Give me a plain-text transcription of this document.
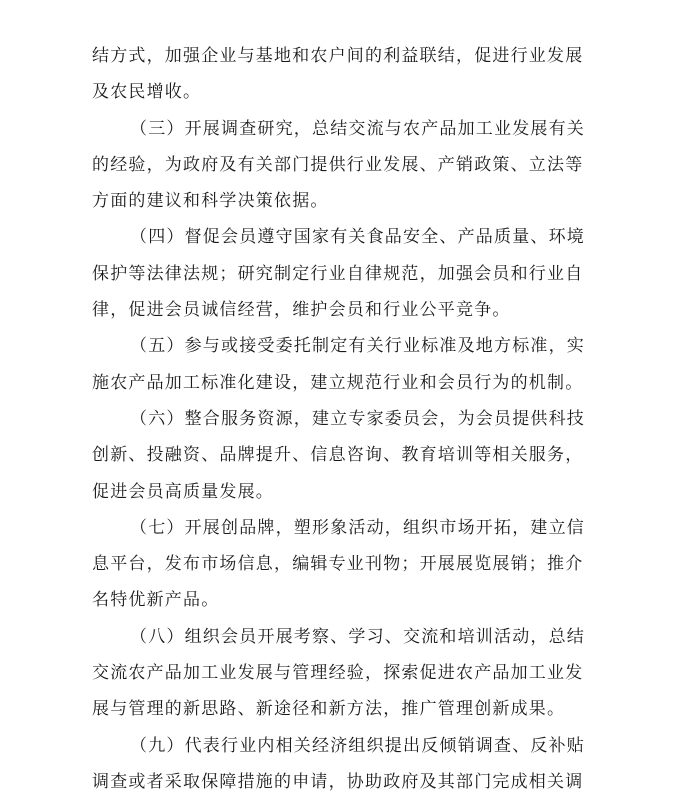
结方式，加强企业与基地和农户间的利益联结，促进行业发展
及农民增收。
（三）开展调查研究，总结交流与农产品加工业发展有关
的经验，为政府及有关部门提供行业发展、产销政策、立法等
方面的建议和科学决策依据。
（四）督促会员遵守国家有关食品安全、产品质量、环境
保护等法律法规；研究制定行业自律规范，加强会员和行业自
律，促进会员诚信经营，维护会员和行业公平竞争。
（五）参与或接受委托制定有关行业标准及地方标准，实
施农产品加工标准化建设，建立规范行业和会员行为的机制。
（六）整合服务资源，建立专家委员会，为会员提供科技
创新、投融资、品牌提升、信息咨询、教育培训等相关服务，
促进会员高质量发展。
（七）开展创品牌，塑形象活动，组织市场开拓，建立信
息平台，发布市场信息，编辑专业刊物；开展展览展销；推介
名特优新产品。
（八）组织会员开展考察、学习、交流和培训活动，总结
交流农产品加工业发展与管理经验，探索促进农产品加工业发
展与管理的新思路、新途径和新方法，推广管理创新成果。
（九）代表行业内相关经济组织提出反倾销调查、反补贴
调查或者采取保障措施的申请，协助政府及其部门完成相关调
